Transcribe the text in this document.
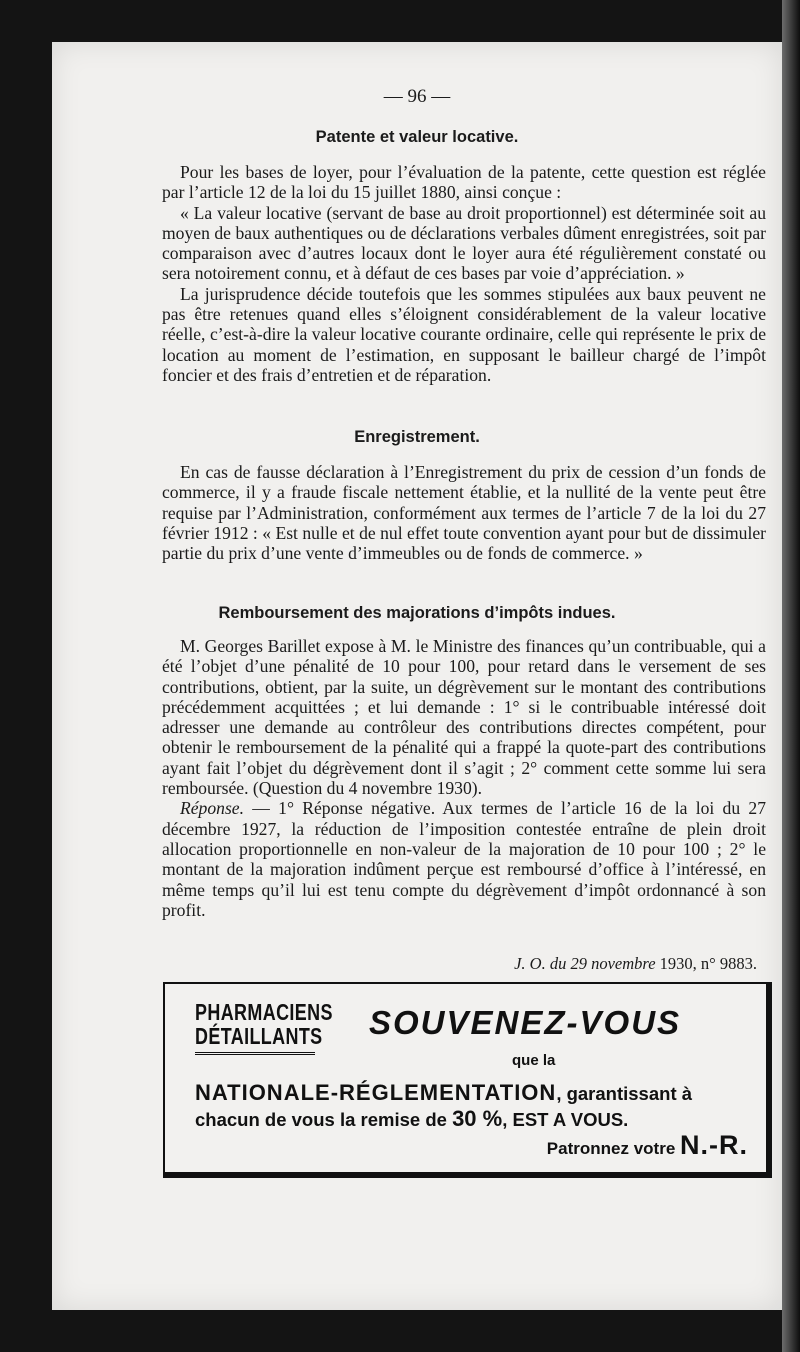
— 96 —
Patente et valeur locative.

Pour les bases de loyer, pour l’évaluation de la patente, cette question est réglée par l’article 12 de la loi du 15 juillet 1880, ainsi conçue :

« La valeur locative (servant de base au droit proportionnel) est déterminée soit au moyen de baux authentiques ou de déclarations verbales dûment enregistrées, soit par comparaison avec d’autres locaux dont le loyer aura été régulièrement constaté ou sera notoirement connu, et à défaut de ces bases par voie d’appréciation. »

La jurisprudence décide toutefois que les sommes stipulées aux baux peuvent ne pas être retenues quand elles s’éloignent considérablement de la valeur locative réelle, c’est-à-dire la valeur locative courante ordinaire, celle qui représente le prix de location au moment de l’estimation, en supposant le bailleur chargé de l’impôt foncier et des frais d’entretien et de réparation.

Enregistrement.

En cas de fausse déclaration à l’Enregistrement du prix de cession d’un fonds de commerce, il y a fraude fiscale nettement établie, et la nullité de la vente peut être requise par l’Administration, conformément aux termes de l’article 7 de la loi du 27 février 1912 : « Est nulle et de nul effet toute convention ayant pour but de dissimuler partie du prix d’une vente d’immeubles ou de fonds de commerce. »

Remboursement des majorations d’impôts indues.

M. Georges Barillet expose à M. le Ministre des finances qu’un contribuable, qui a été l’objet d’une pénalité de 10 pour 100, pour retard dans le versement de ses contributions, obtient, par la suite, un dégrèvement sur le montant des contributions précédemment acquittées ; et lui demande : 1° si le contribuable intéressé doit adresser une demande au contrôleur des contributions directes compétent, pour obtenir le remboursement de la pénalité qui a frappé la quote-part des contributions ayant fait l’objet du dégrèvement dont il s’agit ; 2° comment cette somme lui sera remboursée. (Question du 4 novembre 1930).

Réponse. — 1° Réponse négative. Aux termes de l’article 16 de la loi du 27 décembre 1927, la réduction de l’imposition contestée entraîne de plein droit allocation proportionnelle en non-valeur de la majoration de 10 pour 100 ; 2° le montant de la majoration indûment perçue est remboursé d’office à l’intéressé, en même temps qu’il lui est tenu compte du dégrèvement d’impôt ordonnancé à son profit.

J. O. du 29 novembre 1930, n° 9883.
PHARMACIENS
DÉTAILLANTS	SOUVENEZ-VOUS
que la
NATIONALE-RÉGLEMENTATION, garantissant à
chacun de vous la remise de 30 %, EST A VOUS.
Patronnez votre N.-R.
